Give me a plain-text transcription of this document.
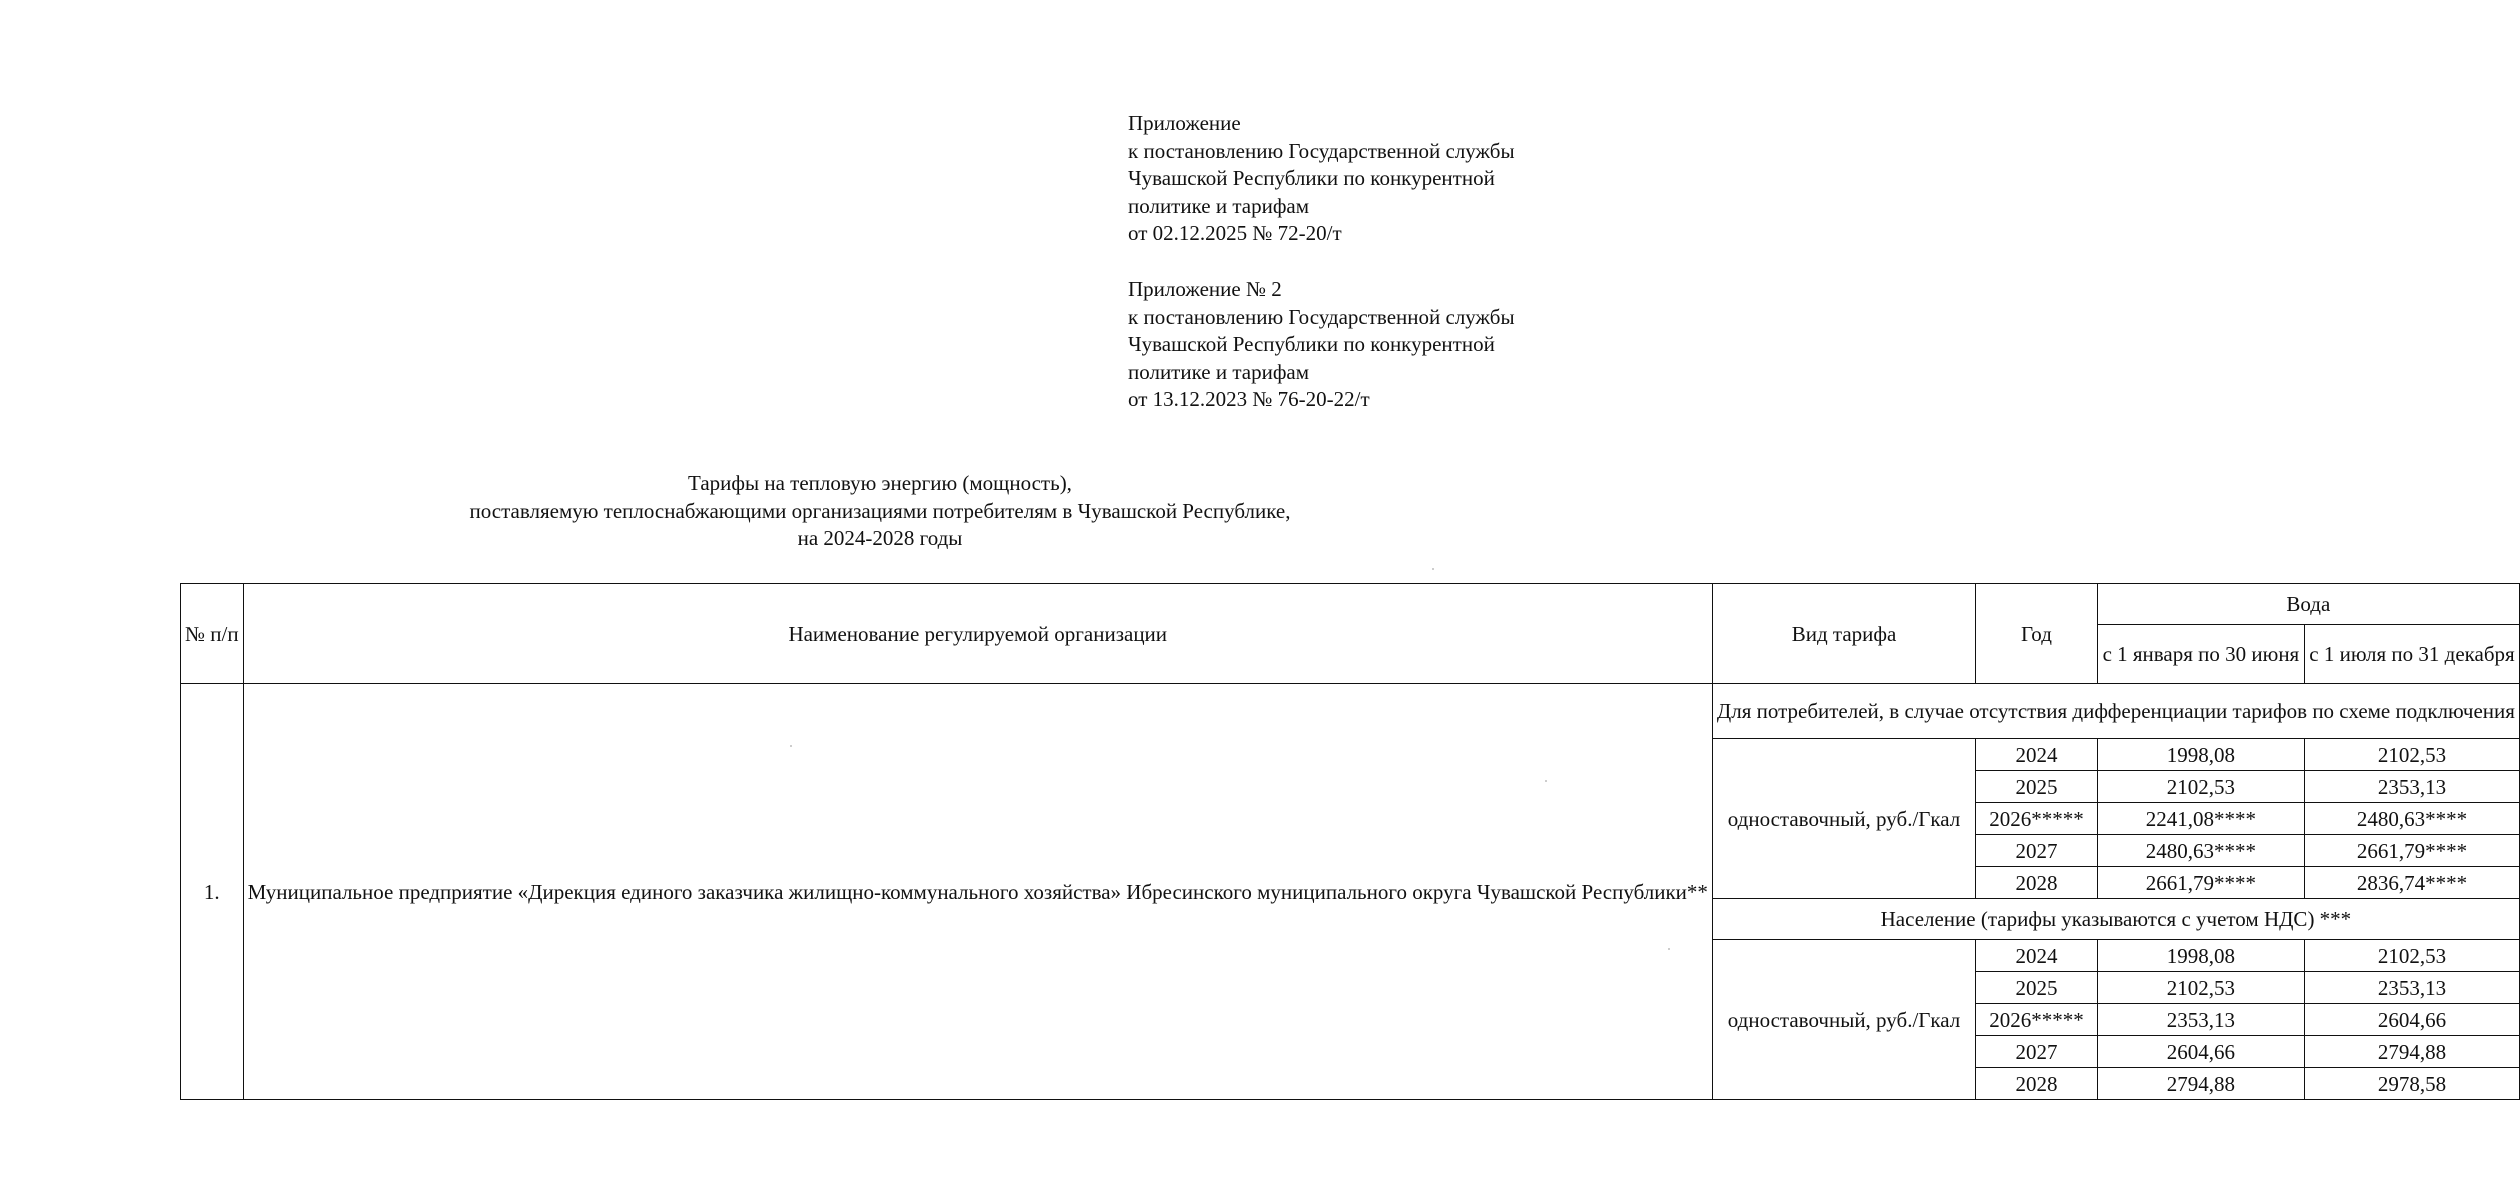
Приложение
к постановлению Государственной службы
Чувашской Республики по конкурентной
политике и тарифам
от 02.12.2025 № 72-20/т
Приложение № 2
к постановлению Государственной службы
Чувашской Республики по конкурентной
политике и тарифам
от 13.12.2023 № 76-20-22/т
Тарифы на тепловую энергию (мощность),
поставляемую теплоснабжающими организациями потребителям в Чувашской Республике,
на 2024-2028 годы
№ п/п	Наименование регулируемой организации	Вид тарифа	Год	Вода	
				с 1 января по 30 июня	с 1 июля по 31 декабря
1.	Муниципальное предприятие «Дирекция единого заказчика жилищно-коммунального хозяйства» Ибресинского муниципального округа Чувашской Республики**	Для потребителей, в случае отсутствия дифференциации тарифов по схеме подключения			
		одноставочный, руб./Гкал	2024	1998,08	2102,53
			2025	2102,53	2353,13
			2026*****	2241,08****	2480,63****
			2027	2480,63****	2661,79****
			2028	2661,79****	2836,74****
		Население (тарифы указываются с учетом НДС) ***			
		одноставочный, руб./Гкал	2024	1998,08	2102,53
			2025	2102,53	2353,13
			2026*****	2353,13	2604,66
			2027	2604,66	2794,88
			2028	2794,88	2978,58
